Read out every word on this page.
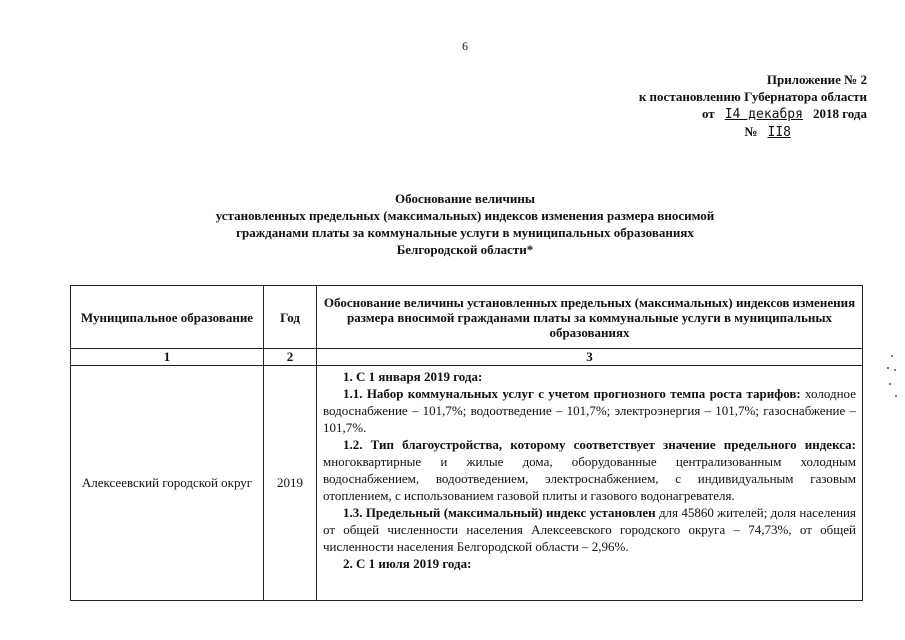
6
Приложение № 2
к постановлению Губернатора области
от I4 декабря 2018 года
№ II8
Обоснование величины
установленных предельных (максимальных) индексов изменения размера вносимой
гражданами платы за коммунальные услуги в муниципальных образованиях
Белгородской области*
Муниципальное образование	Год	Обоснование величины установленных предельных (максимальных) индексов изменения размера вносимой гражданами платы за коммунальные услуги в муниципальных образованиях
1	2	3
Алексеевский городской округ	2019	1. С 1 января 2019 года:

1.1. Набор коммунальных услуг с учетом прогнозного темпа роста тарифов: холодное водоснабжение – 101,7%; водоотведение – 101,7%; электроэнергия – 101,7%; газоснабжение – 101,7%.

1.2. Тип благоустройства, которому соответствует значение предельного индекса: многоквартирные и жилые дома, оборудованные централизованным холодным водоснабжением, водоотведением, электроснабжением, с индивидуальным газовым отоплением, с использованием газовой плиты и газового водонагревателя.

1.3. Предельный (максимальный) индекс установлен для 45860 жителей; доля населения от общей численности населения Алексеевского городского округа – 74,73%, от общей численности населения Белгородской области – 2,96%.

2. С 1 июля 2019 года:
